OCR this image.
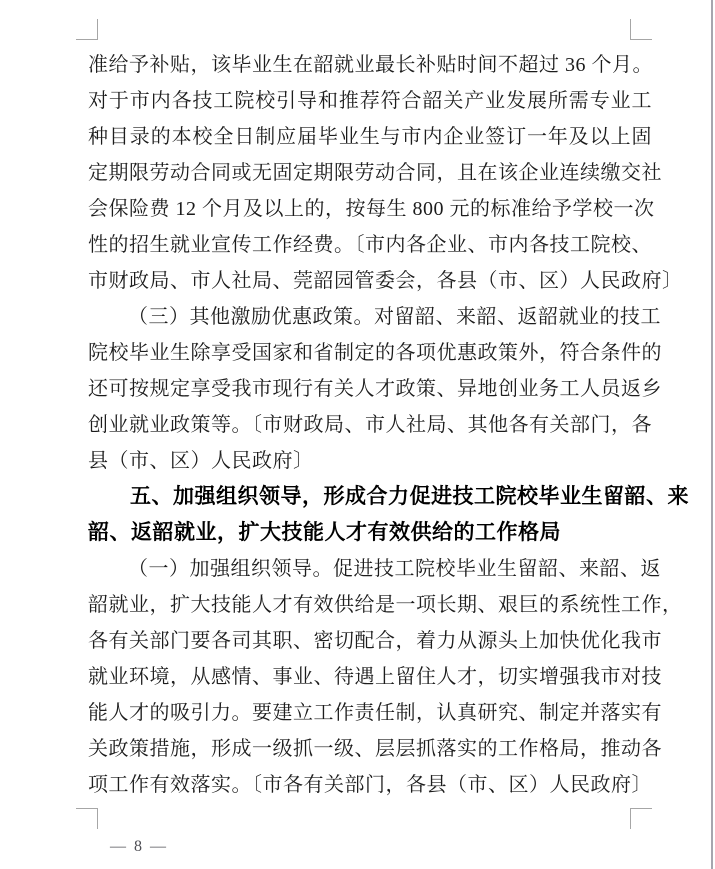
准给予补贴，该毕业生在韶就业最长补贴时间不超过 36 个月。
对于市内各技工院校引导和推荐符合韶关产业发展所需专业工
种目录的本校全日制应届毕业生与市内企业签订一年及以上固
定期限劳动合同或无固定期限劳动合同，且在该企业连续缴交社
会保险费 12 个月及以上的，按每生 800 元的标准给予学校一次
性的招生就业宣传工作经费。〔市内各企业、市内各技工院校、
市财政局、市人社局、莞韶园管委会，各县（市、区）人民政府〕
（三）其他激励优惠政策。对留韶、来韶、返韶就业的技工
院校毕业生除享受国家和省制定的各项优惠政策外，符合条件的
还可按规定享受我市现行有关人才政策、异地创业务工人员返乡
创业就业政策等。〔市财政局、市人社局、其他各有关部门，各
县（市、区）人民政府〕
五、加强组织领导，形成合力促进技工院校毕业生留韶、来
韶、返韶就业，扩大技能人才有效供给的工作格局
（一）加强组织领导。促进技工院校毕业生留韶、来韶、返
韶就业，扩大技能人才有效供给是一项长期、艰巨的系统性工作，
各有关部门要各司其职、密切配合，着力从源头上加快优化我市
就业环境，从感情、事业、待遇上留住人才，切实增强我市对技
能人才的吸引力。要建立工作责任制，认真研究、制定并落实有
关政策措施，形成一级抓一级、层层抓落实的工作格局，推动各
项工作有效落实。〔市各有关部门，各县（市、区）人民政府〕
— 8 —
